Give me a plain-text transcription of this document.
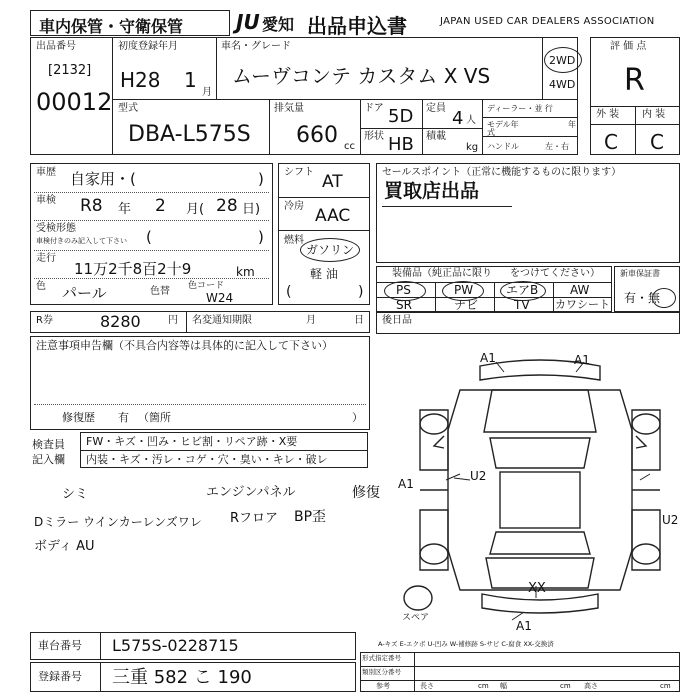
車内保管・守衛保管	JU 愛知 出品申込書	JAPAN USED CAR DEALERS ASSOCIATION
出品番号
[2132]
00012
初度登録年月
H28 1
月
車名・グレード
ムーヴコンテ カスタム X VS
2WD
4WD
型式
DBA-L575S
排気量
660 cc
ドア 5D
形状 HB
定員 4 人
積載
kg
ディーラー・並 行
モデル年 式
年
ハンドル	左・右
評 価 点
R
外 装 内 装
C C
車歴 自家用・(	)
車検 R8 年 2 月( 28 日)
受検形態
車検付きのみ記入して下さい (	)
走行
11万2千8百2十9	km
色 パール	色替 色コード
W24
R券	8280	円 名変通知期限	月	日
シフト AT
冷房 AAC
燃料
ガソリン
軽 油
(	)
セールスポイント（正常に機能するものに限ります）
買取店出品
装備品（純正品に限り をつけてください）
PS	PW	エアB	AW
SR	ナビ	TV カワシート
新車保証書
有・無
注意事項申告欄（不具合内容等は具体的に記入して下さい）
修復歴 有 （箇所	）
後日品
検査員記入欄
FW・キズ・凹み・ヒビ割・リペア跡・X要
内装・キズ・汚レ・コゲ・穴・臭い・キレ・破レ
シミ	エンジンパネル	修復
Dミラー ウインカーレンズワレ Rフロア BP歪
ボディ AU
A1	A1
A1
U2
U2
XX
A1
スペア
A-キズ E-エクボ U-凹み W-補修跡 S-サビ C-腐食 XX-交換済
車台番号 L575S-0228715
登録番号 三重 582 こ 190
形式指定番号
類別区分番号
参考	長さ	cm 幅	cm 高さ	cm
